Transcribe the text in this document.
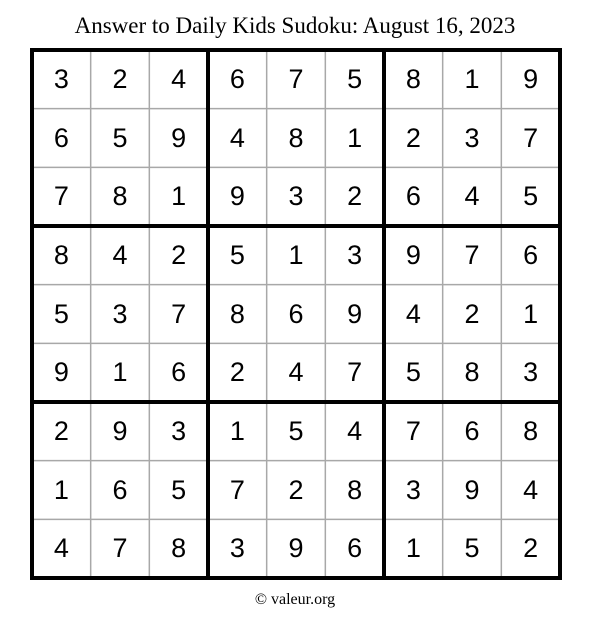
Answer to Daily Kids Sudoku: August 16, 2023
3	2	4	6	7	5	8	1	9
6	5	9	4	8	1	2	3	7
7	8	1	9	3	2	6	4	5
8	4	2	5	1	3	9	7	6
5	3	7	8	6	9	4	2	1
9	1	6	2	4	7	5	8	3
2	9	3	1	5	4	7	6	8
1	6	5	7	2	8	3	9	4
4	7	8	3	9	6	1	5	2
© valeur.org
